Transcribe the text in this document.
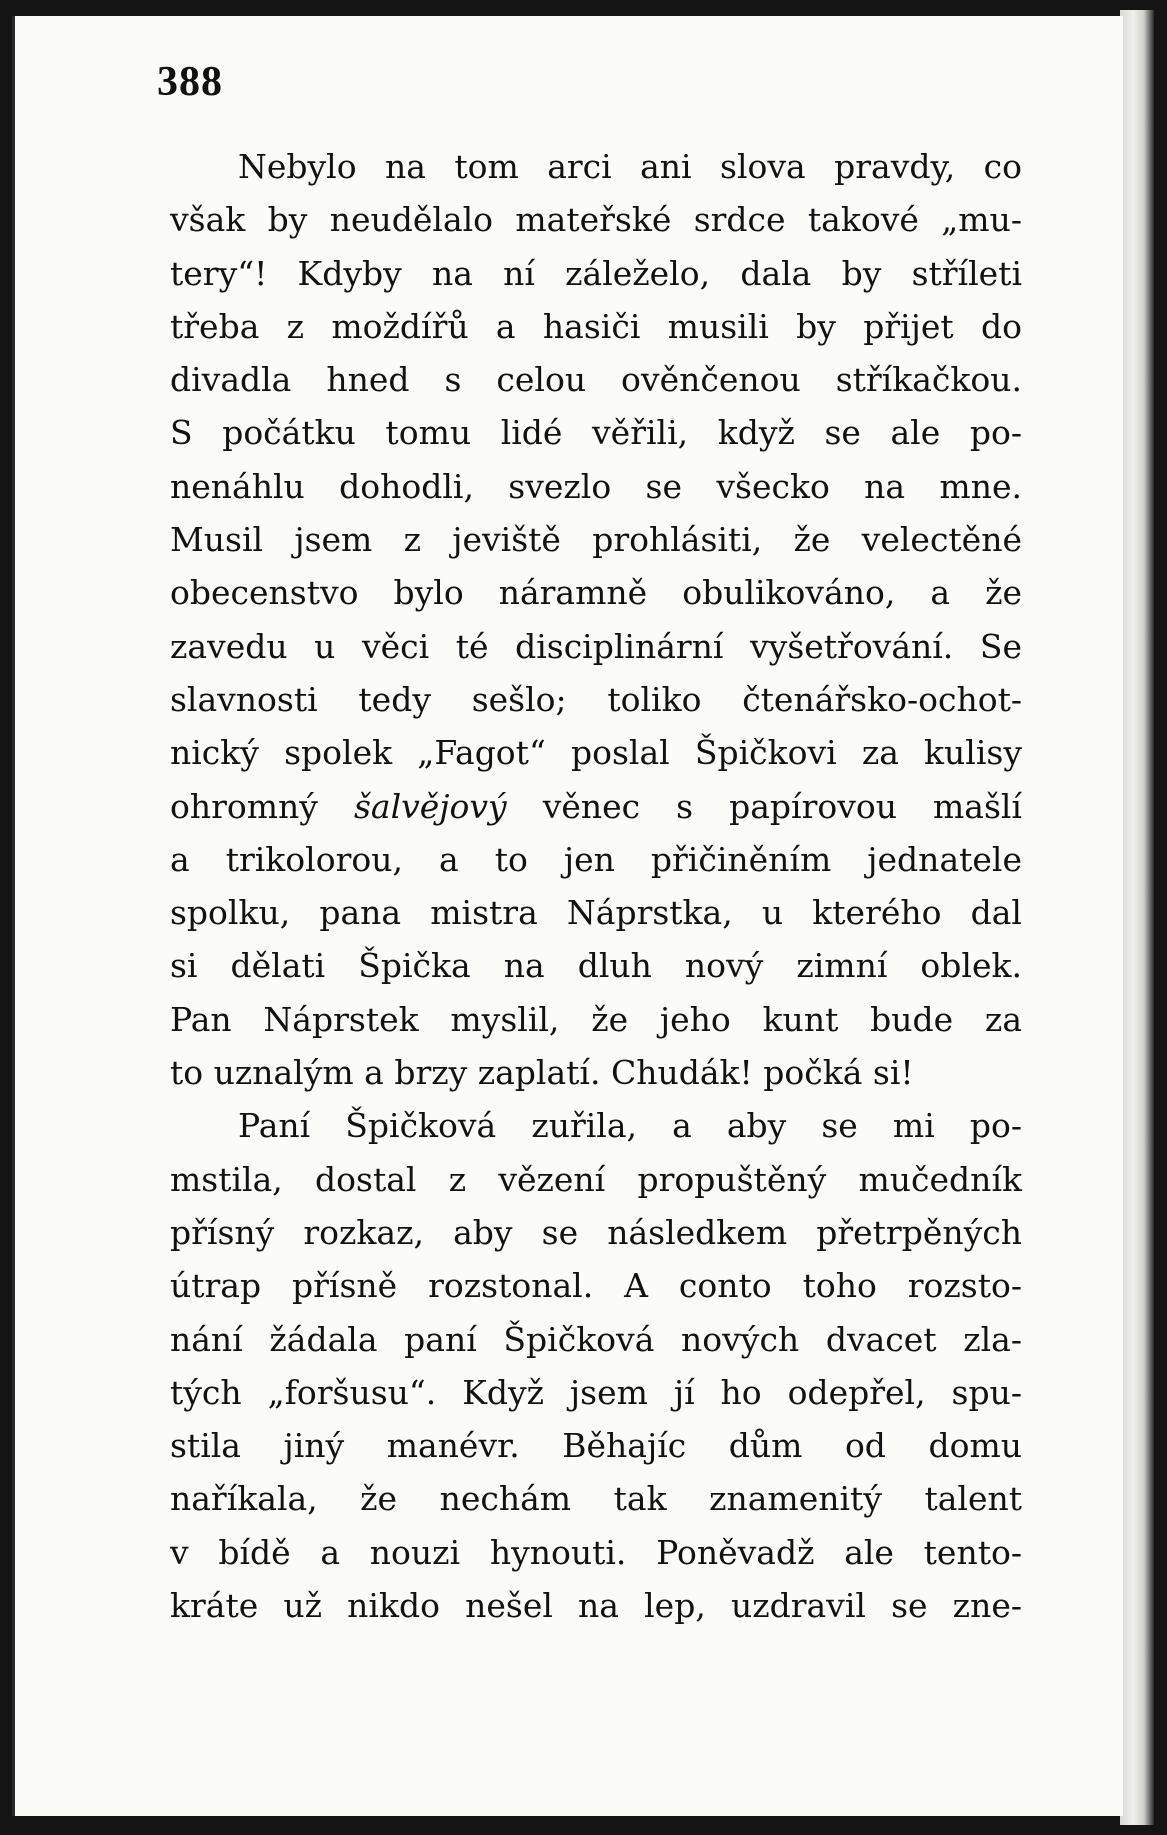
388

Nebylo na tom arci ani slova pravdy, co
však by neudělalo mateřské srdce takové „mu-
tery“! Kdyby na ní záleželo, dala by stříleti
třeba z moždířů a hasiči musili by přijet do
divadla hned s celou ověnčenou stříkačkou.
S počátku tomu lidé věřili, když se ale po-
nenáhlu dohodli, svezlo se všecko na mne.
Musil jsem z jeviště prohlásiti, že velectěné
obecenstvo bylo náramně obulikováno, a že
zavedu u věci té disciplinární vyšetřování. Se
slavnosti tedy sešlo; toliko čtenářsko-ochot-
nický spolek „Fagot“ poslal Špičkovi za kulisy
ohromný šalvějový věnec s papírovou mašlí
a trikolorou, a to jen přičiněním jednatele
spolku, pana mistra Náprstka, u kterého dal
si dělati Špička na dluh nový zimní oblek.
Pan Náprstek myslil, že jeho kunt bude za
to uznalým a brzy zaplatí. Chudák! počká si!
Paní Špičková zuřila, a aby se mi po-
mstila, dostal z vězení propuštěný mučedník
přísný rozkaz, aby se následkem přetrpěných
útrap přísně rozstonal. A conto toho rozsto-
nání žádala paní Špičková nových dvacet zla-
tých „foršusu“. Když jsem jí ho odepřel, spu-
stila jiný manévr. Běhajíc dům od domu
naříkala, že nechám tak znamenitý talent
v bídě a nouzi hynouti. Poněvadž ale tento-
kráte už nikdo nešel na lep, uzdravil se zne-
